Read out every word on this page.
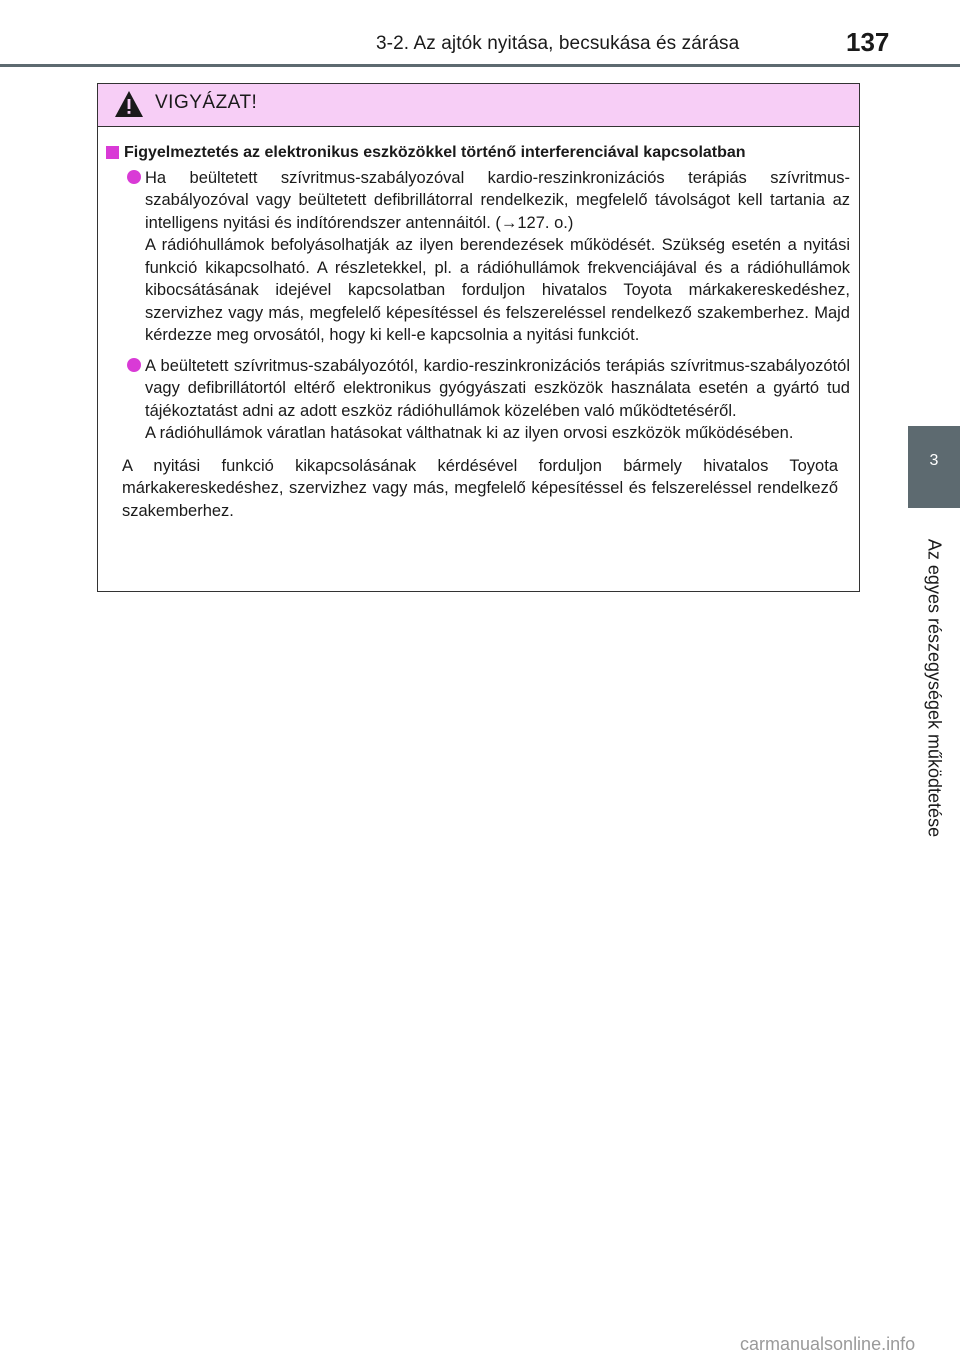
3-2. Az ajtók nyitása, becsukása és zárása	137
3
Az egyes részegységek működtetése
VIGYÁZAT!
Figyelmeztetés az elektronikus eszközökkel történő interferenciával kapcsolatban

Ha beültetett szívritmus-szabályozóval kardio-reszinkronizációs terápiás szívritmus-szabályozóval vagy beültetett defibrillátorral rendelkezik, megfelelő távolságot kell tartania az intelligens nyitási és indítórendszer antennáitól. (→127. o.)

A rádióhullámok befolyásolhatják az ilyen berendezések működését. Szükség esetén a nyitási funkció kikapcsolható. A részletekkel, pl. a rádióhullámok frekvenciájával és a rádióhullámok kibocsátásának idejével kapcsolatban forduljon hivatalos Toyota márkakereskedéshez, szervizhez vagy más, megfelelő képesítéssel és felszereléssel rendelkező szakemberhez. Majd kérdezze meg orvosától, hogy ki kell-e kapcsolnia a nyitási funkciót.

A beültetett szívritmus-szabályozótól, kardio-reszinkronizációs terápiás szívritmus-szabályozótól vagy defibrillátortól eltérő elektronikus gyógyászati eszközök használata esetén a gyártó tud tájékoztatást adni az adott eszköz rádióhullámok közelében való működtetéséről.

A rádióhullámok váratlan hatásokat válthatnak ki az ilyen orvosi eszközök működésében.

A nyitási funkció kikapcsolásának kérdésével forduljon bármely hivatalos Toyota márkakereskedéshez, szervizhez vagy más, megfelelő képesítéssel és felszereléssel rendelkező szakemberhez.

carmanualsonline.info
